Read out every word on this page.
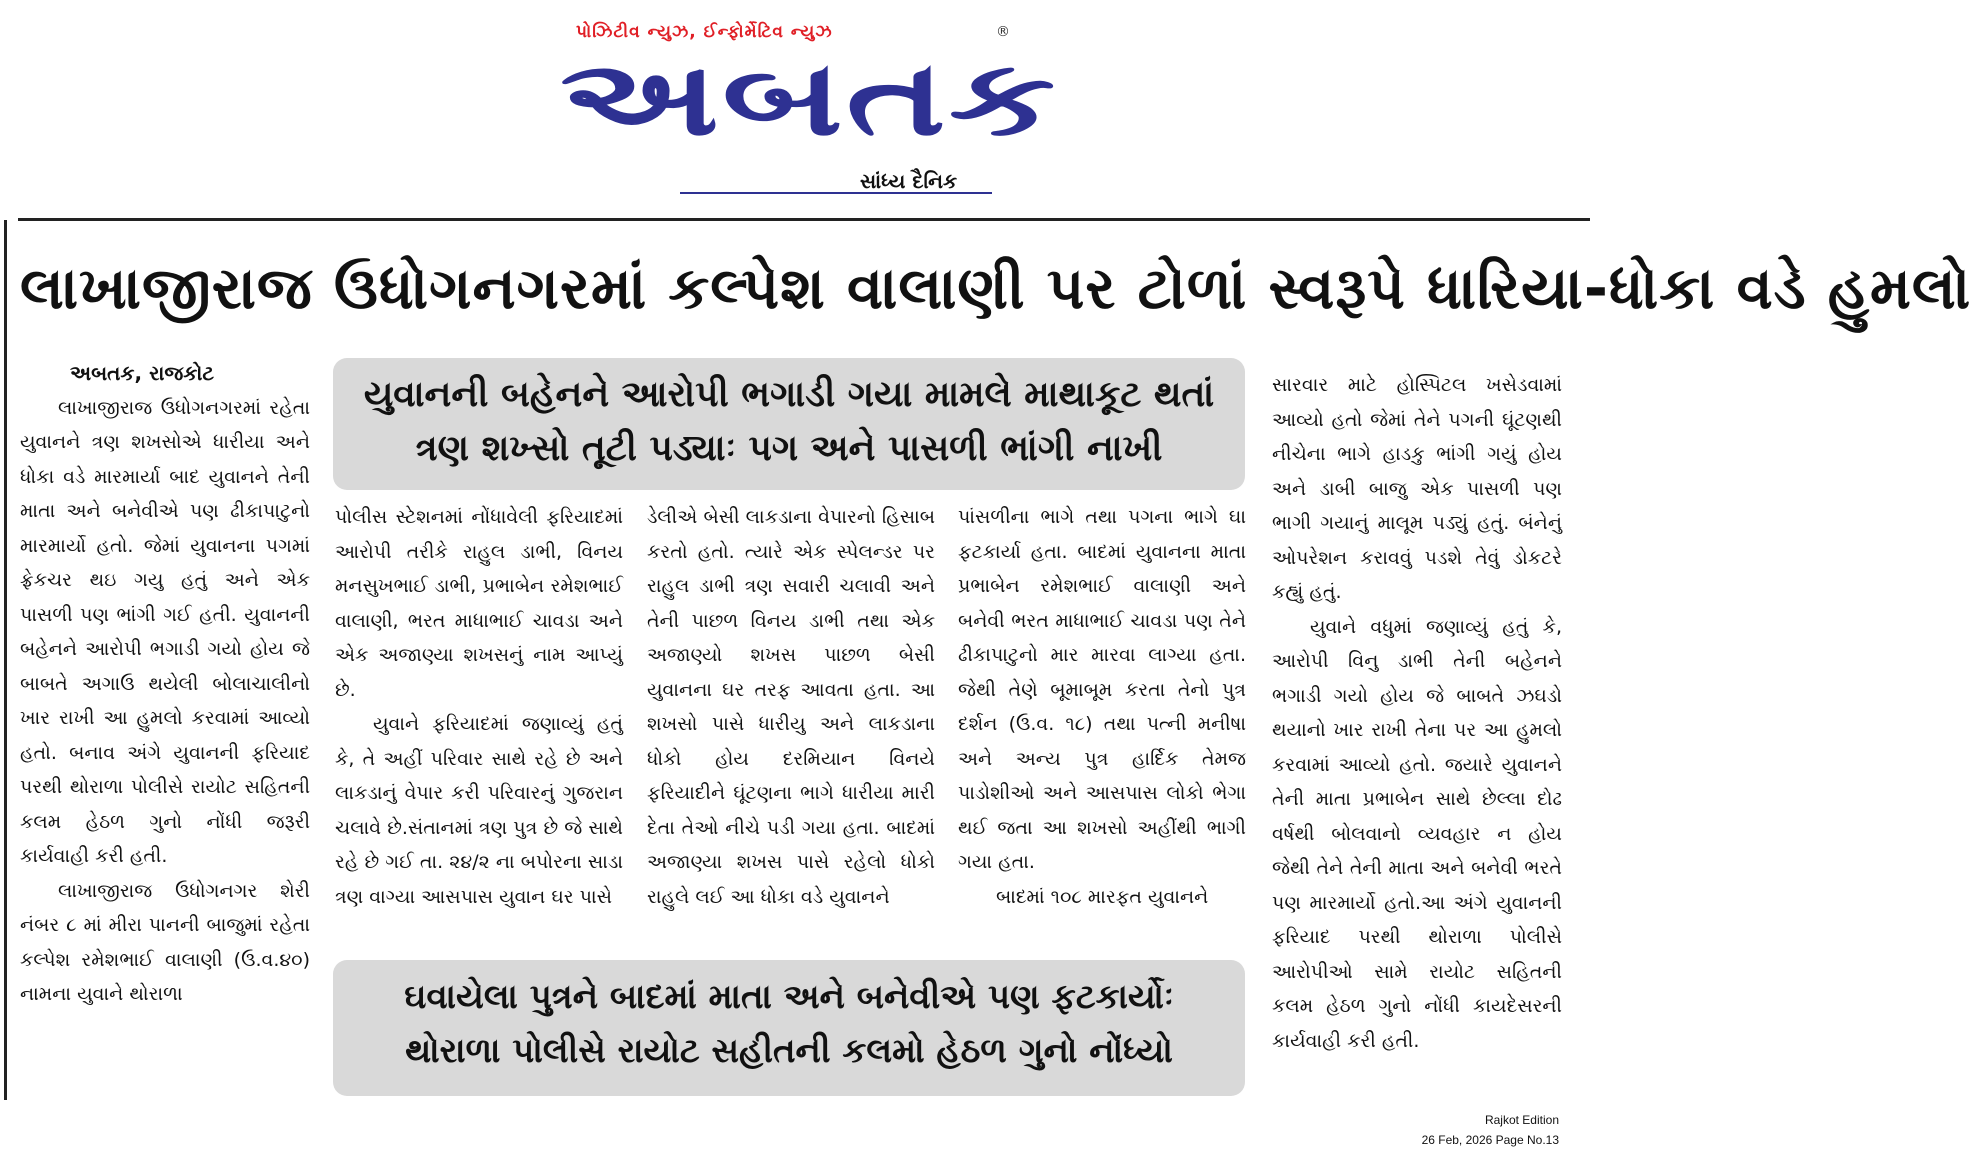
પોઝિટીવ ન્યુઝ, ઈન્ફોર્મેટિવ ન્યુઝ	®
અબતક
સાંધ્ય દૈનિક
લાખાજીરાજ ઉધોગનગરમાં કલ્પેશ વાલાણી પર ટોળાં સ્વરૂપે ધારિયા-ધોકા વડે હુમલો
યુવાનની બહેનને આરોપી ભગાડી ગયા મામલે માથાકૂટ થતાં
ત્રણ શખ્સો તૂટી પડ્યાઃ પગ અને પાસળી ભાંગી નાખી
ઘવાયેલા પુત્રને બાદમાં માતા અને બનેવીએ પણ ફટકાર્યોઃ
થોરાળા પોલીસે રાયોટ સહીતની કલમો હેઠળ ગુનો નોંધ્યો

અબતક, રાજકોટ

લાખાજીરાજ ઉધોગનગરમાં રહેતા યુવાનને ત્રણ શખસોએ ધારીયા અને ધોકા વડે મારમાર્યા બાદ યુવાનને તેની માતા અને બનેવીએ પણ ઢીકાપાટુનો મારમાર્યો હતો. જેમાં યુવાનના પગમાં ફ્રેકચર થઇ ગયુ હતું અને એક પાસળી પણ ભાંગી ગઈ હતી. યુવાનની બહેનને આરોપી ભગાડી ગયો હોય જે બાબતે અગાઉ થયેલી બોલાચાલીનો ખાર રાખી આ હુમલો કરવામાં આવ્યો હતો. બનાવ અંગે યુવાનની ફરિયાદ પરથી થોરાળા પોલીસે રાયોટ સહિતની કલમ હેઠળ ગુનો નોંધી જરૂરી કાર્યવાહી કરી હતી.

લાખાજીરાજ ઉધોગનગર શેરી નંબર ૮ માં મીરા પાનની બાજુમાં રહેતા કલ્પેશ રમેશભાઈ વાલાણી (ઉ.વ.૪૦) નામના યુવાને થોરાળા

પોલીસ સ્ટેશનમાં નોંધાવેલી ફરિયાદમાં આરોપી તરીકે રાહુલ ડાભી, વિનય મનસુખભાઈ ડાભી, પ્રભાબેન રમેશભાઈ વાલાણી, ભરત માધાભાઈ ચાવડા અને એક અજાણ્યા શખસનું નામ આપ્યું છે.

યુવાને ફરિયાદમાં જણાવ્યું હતું કે, તે અહીં પરિવાર સાથે રહે છે અને લાકડાનું વેપાર કરી પરિવારનું ગુજરાન ચલાવે છે.સંતાનમાં ત્રણ પુત્ર છે જે સાથે રહે છે ગઈ તા. ૨૪/૨ ના બપોરના સાડા ત્રણ વાગ્યા આસપાસ યુવાન ઘર પાસે

ડેલીએ બેસી લાકડાના વેપારનો હિસાબ કરતો હતો. ત્યારે એક સ્પેલન્ડર પર રાહુલ ડાભી ત્રણ સવારી ચલાવી અને તેની પાછળ વિનય ડાભી તથા એક અજાણ્યો શખસ પાછળ બેસી યુવાનના ઘર તરફ આવતા હતા. આ શખસો પાસે ધારીયુ અને લાકડાના ધોકો હોય દરમિયાન વિનયે ફરિયાદીને ઘૂંટણના ભાગે ધારીયા મારી દેતા તેઓ નીચે પડી ગયા હતા. બાદમાં અજાણ્યા શખસ પાસે રહેલો ધોકો રાહુલે લઈ આ ધોકા વડે યુવાનને

પાંસળીના ભાગે તથા પગના ભાગે ઘા ફટકાર્યા હતા. બાદમાં યુવાનના માતા પ્રભાબેન રમેશભાઈ વાલાણી અને બનેવી ભરત માધાભાઈ ચાવડા પણ તેને ઢીકાપાટુનો માર મારવા લાગ્યા હતા. જેથી તેણે બૂમાબૂમ કરતા તેનો પુત્ર દર્શન (ઉ.વ. ૧૮) તથા પત્ની મનીષા અને અન્ય પુત્ર હાર્દિક તેમજ પાડોશીઓ અને આસપાસ લોકો ભેગા થઈ જતા આ શખસો અહીંથી ભાગી ગયા હતા.

બાદમાં ૧૦૮ મારફત યુવાનને

સારવાર માટે હોસ્પિટલ ખસેડવામાં આવ્યો હતો જેમાં તેને પગની ઘૂંટણથી નીચેના ભાગે હાડકુ ભાંગી ગયું હોય અને ડાબી બાજુ એક પાસળી પણ ભાગી ગયાનું માલૂમ પડ્યું હતું. બંનેનું ઓપરેશન કરાવવું પડશે તેવું ડોકટરે કહ્યું હતું.

યુવાને વધુમાં જણાવ્યું હતું કે, આરોપી વિનુ ડાભી તેની બહેનને ભગાડી ગયો હોય જે બાબતે ઝઘડો થયાનો ખાર રાખી તેના પર આ હુમલો કરવામાં આવ્યો હતો. જયારે યુવાનને તેની માતા પ્રભાબેન સાથે છેલ્લા દોઢ વર્ષથી બોલવાનો વ્યવહાર ન હોય જેથી તેને તેની માતા અને બનેવી ભરતે પણ મારમાર્યો હતો.આ અંગે યુવાનની ફરિયાદ પરથી થોરાળા પોલીસે આરોપીઓ સામે રાયોટ સહિતની કલમ હેઠળ ગુનો નોંધી કાયદેસરની કાર્યવાહી કરી હતી.

Rajkot Edition
26 Feb, 2026 Page No.13
